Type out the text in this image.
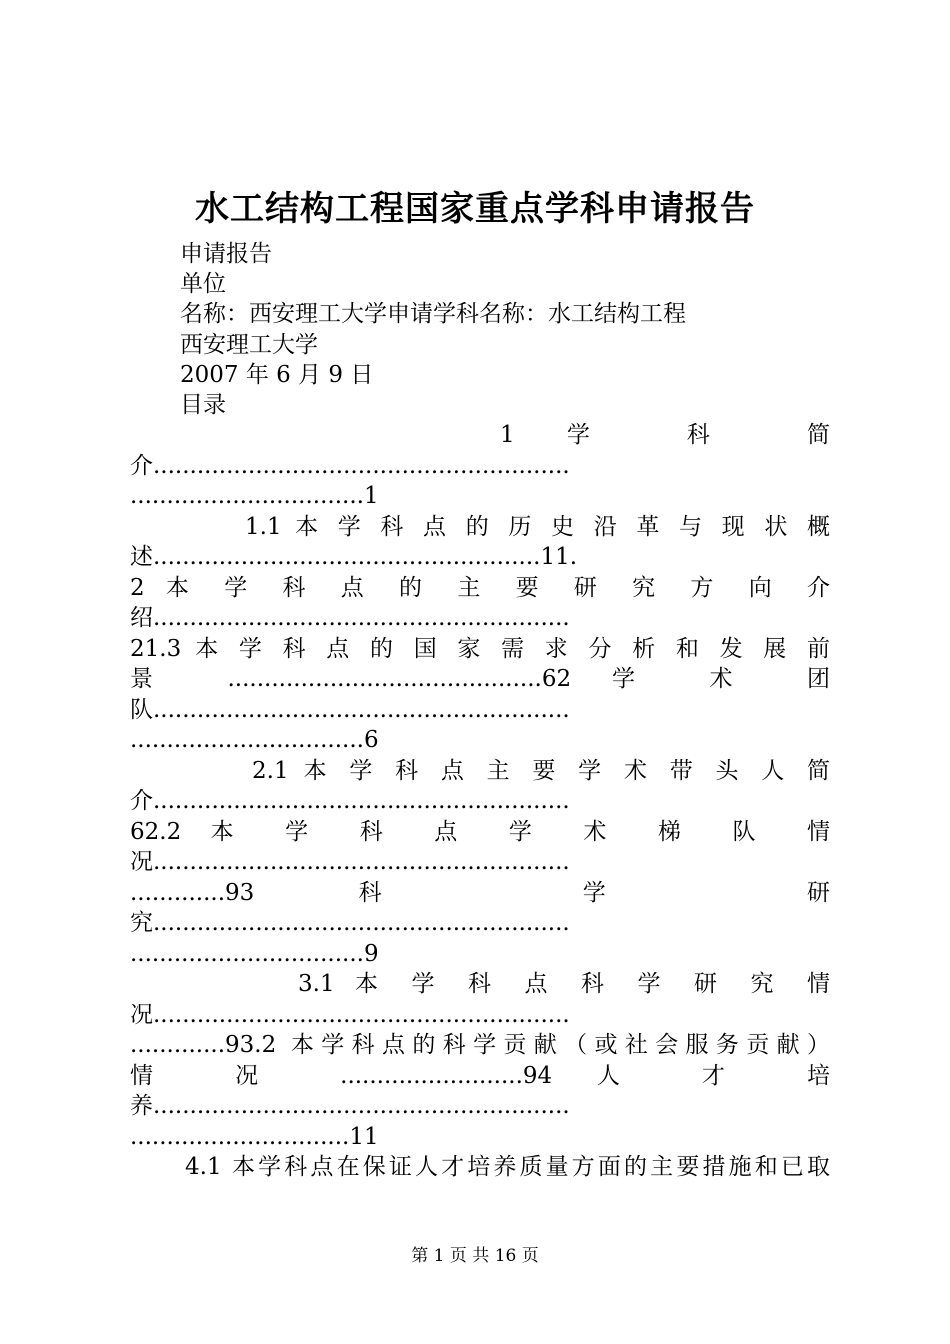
水工结构工程国家重点学科申请报告
申请报告
单位
名称：西安理工大学申请学科名称：水工结构工程
西安理工大学
2007 年 6 月 9 日
目录
1 学 科 简
介.........................................................
................................1
1.1 本 学 科 点 的 历 史 沿 革 与 现 状 概
述.....................................................11.
2 本 学 科 点 的 主 要 研 究 方 向 介
绍.........................................................
21.3 本 学 科 点 的 国 家 需 求 分 析 和 发 展 前
景 ...........................................62 学 术 团
队.........................................................
................................6
2.1 本 学 科 点 主 要 学 术 带 头 人 简
介.........................................................
62.2 本 学 科 点 学 术 梯 队 情
况.........................................................
.............93 科 学 研
究.........................................................
................................9
3.1 本 学 科 点 科 学 研 究 情
况.........................................................
.............93.2 本学科点的科学贡献（或社会服务贡献）
情 况 .........................94 人 才 培
养.........................................................
..............................11
4.1 本学科点在保证人才培养质量方面的主要措施和已取
第 1 页 共 16 页
